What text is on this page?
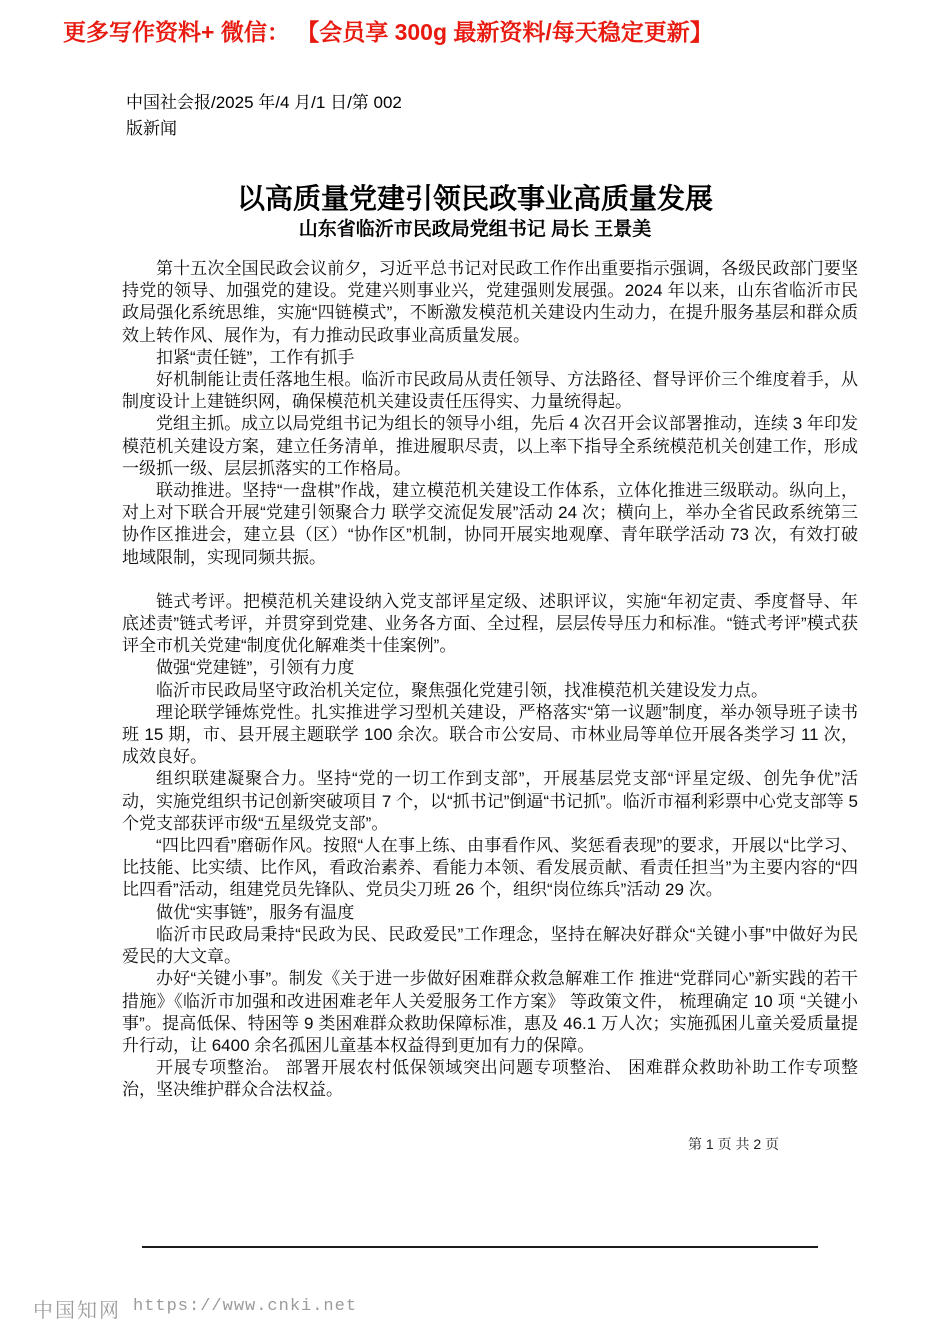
更多写作资料+ 微信： 【会员享 300g 最新资料/每天稳定更新】
中国社会报/2025 年/4 月/1 日/第 002
版新闻
以高质量党建引领民政事业高质量发展
山东省临沂市民政局党组书记 局长 王景美

第十五次全国民政会议前夕，习近平总书记对民政工作作出重要指示强调，各级民政部门要坚持党的领导、加强党的建设。党建兴则事业兴，党建强则发展强。2024 年以来，山东省临沂市民政局强化系统思维，实施“四链模式”，不断激发模范机关建设内生动力，在提升服务基层和群众质效上转作风、展作为，有力推动民政事业高质量发展。

扣紧“责任链”，工作有抓手

好机制能让责任落地生根。临沂市民政局从责任领导、方法路径、督导评价三个维度着手，从制度设计上建链织网，确保模范机关建设责任压得实、力量统得起。

党组主抓。成立以局党组书记为组长的领导小组，先后 4 次召开会议部署推动，连续 3 年印发模范机关建设方案，建立任务清单，推进履职尽责，以上率下指导全系统模范机关创建工作，形成一级抓一级、层层抓落实的工作格局。

联动推进。坚持“一盘棋”作战，建立模范机关建设工作体系，立体化推进三级联动。纵向上，对上对下联合开展“党建引领聚合力 联学交流促发展”活动 24 次；横向上，举办全省民政系统第三协作区推进会，建立县（区）“协作区”机制，协同开展实地观摩、青年联学活动 73 次，有效打破地域限制，实现同频共振。

链式考评。把模范机关建设纳入党支部评星定级、述职评议，实施“年初定责、季度督导、年底述责”链式考评，并贯穿到党建、业务各方面、全过程，层层传导压力和标准。“链式考评”模式获评全市机关党建“制度优化解难类十佳案例”。

做强“党建链”，引领有力度

临沂市民政局坚守政治机关定位，聚焦强化党建引领，找准模范机关建设发力点。

理论联学锤炼党性。扎实推进学习型机关建设，严格落实“第一议题”制度，举办领导班子读书班 15 期，市、县开展主题联学 100 余次。联合市公安局、市林业局等单位开展各类学习 11 次，成效良好。

组织联建凝聚合力。坚持“党的一切工作到支部”，开展基层党支部“评星定级、创先争优”活动，实施党组织书记创新突破项目 7 个，以“抓书记”倒逼“书记抓”。临沂市福利彩票中心党支部等 5 个党支部获评市级“五星级党支部”。

“四比四看”磨砺作风。按照“人在事上练、由事看作风、奖惩看表现”的要求，开展以“比学习、比技能、比实绩、比作风，看政治素养、看能力本领、看发展贡献、看责任担当”为主要内容的“四比四看”活动，组建党员先锋队、党员尖刀班 26 个，组织“岗位练兵”活动 29 次。

做优“实事链”，服务有温度

临沂市民政局秉持“民政为民、民政爱民”工作理念，坚持在解决好群众“关键小事”中做好为民爱民的大文章。

办好“关键小事”。制发《关于进一步做好困难群众救急解难工作 推进“党群同心”新实践的若干措施》《临沂市加强和改进困难老年人关爱服务工作方案》 等政策文件， 梳理确定 10 项 “关键小事”。提高低保、特困等 9 类困难群众救助保障标准，惠及 46.1 万人次；实施孤困儿童关爱质量提升行动，让 6400 余名孤困儿童基本权益得到更加有力的保障。

开展专项整治。 部署开展农村低保领域突出问题专项整治、 困难群众救助补助工作专项整治，坚决维护群众合法权益。

第 1 页 共 2 页
中国知网 https://www.cnki.net
